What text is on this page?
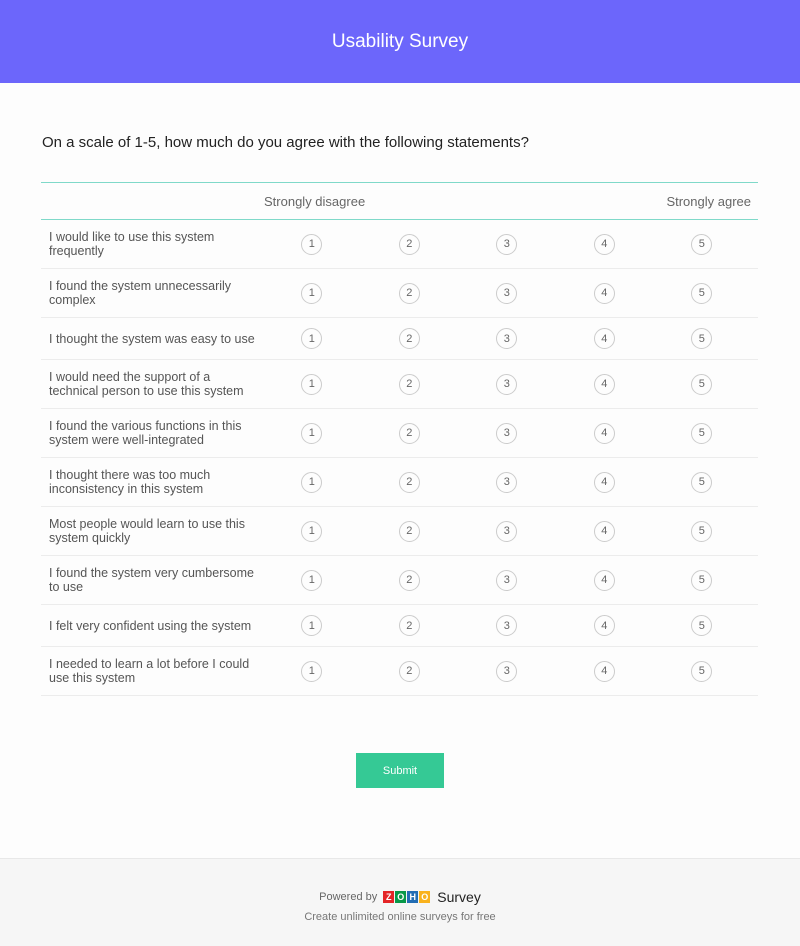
Usability Survey
On a scale of 1-5, how much do you agree with the following statements?
Strongly disagree	Strongly agree
I would like to use this system frequently	1	2	3	4	5
I found the system unnecessarily complex	1	2	3	4	5
I thought the system was easy to use	1	2	3	4	5
I would need the support of a technical person to use this system	1	2	3	4	5
I found the various functions in this system were well-integrated	1	2	3	4	5
I thought there was too much inconsistency in this system	1	2	3	4	5
Most people would learn to use this system quickly	1	2	3	4	5
I found the system very cumbersome to use	1	2	3	4	5
I felt very confident using the system	1	2	3	4	5
I needed to learn a lot before I could use this system	1	2	3	4	5
Submit
Powered by Z O H O Survey
Create unlimited online surveys for free
